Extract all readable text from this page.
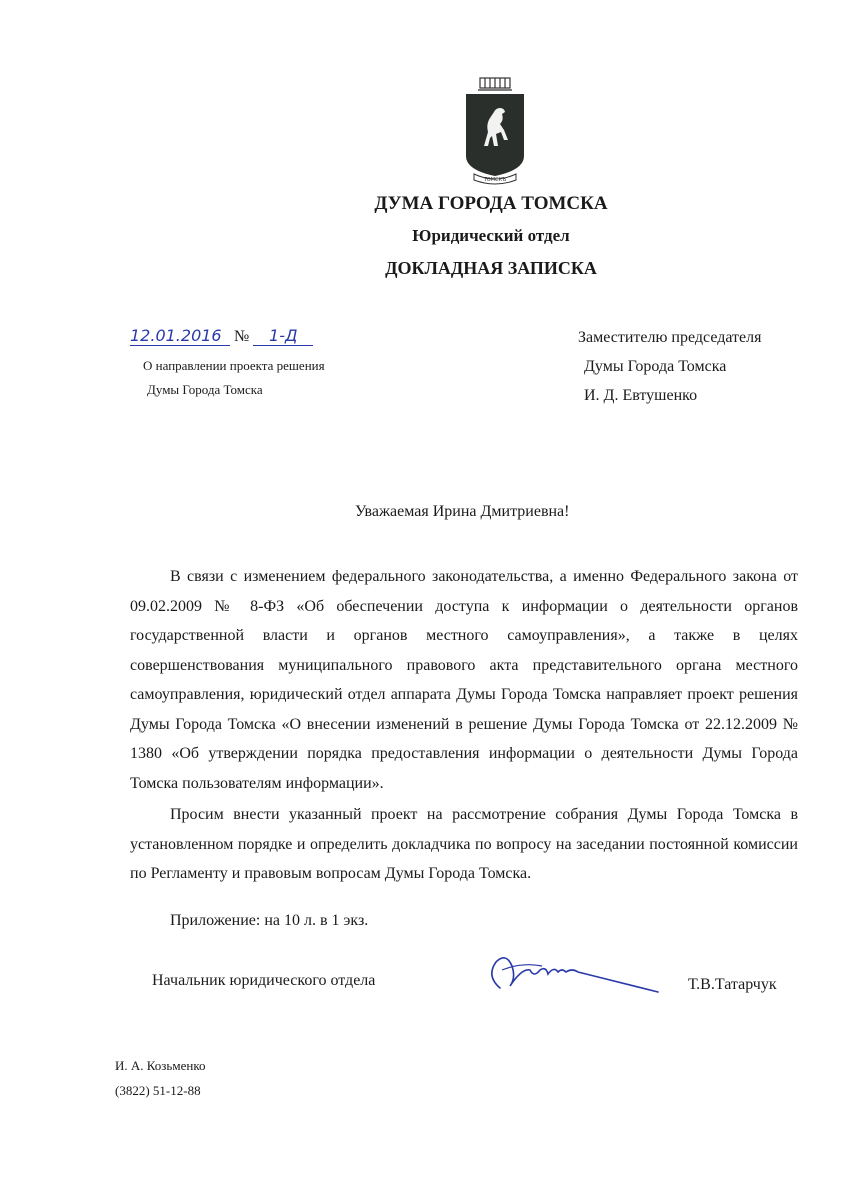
ТОМСКЪ
ДУМА ГОРОДА ТОМСКА
Юридический отдел
ДОКЛАДНАЯ ЗАПИСКА
12.01.2016 № 1-Д
О направлении проекта решения
Думы Города Томска
Заместителю председателя
Думы Города Томска
И. Д. Евтушенко
Уважаемая Ирина Дмитриевна!

В связи с изменением федерального законодательства, а именно Федерального закона от 09.02.2009 № 8-ФЗ «Об обеспечении доступа к информации о деятельности органов государственной власти и органов местного самоуправления», а также в целях совершенствования муниципального правового акта представительного органа местного самоуправления, юридический отдел аппарата Думы Города Томска направляет проект решения Думы Города Томска «О внесении изменений в решение Думы Города Томска от 22.12.2009 № 1380 «Об утверждении порядка предоставления информации о деятельности Думы Города Томска пользователям информации».

Просим внести указанный проект на рассмотрение собрания Думы Города Томска в установленном порядке и определить докладчика по вопросу на заседании постоянной комиссии по Регламенту и правовым вопросам Думы Города Томска.

Приложение: на 10 л. в 1 экз.
Начальник юридического отдела	Т.В.Татарчук
И. А. Козьменко
(3822) 51-12-88
